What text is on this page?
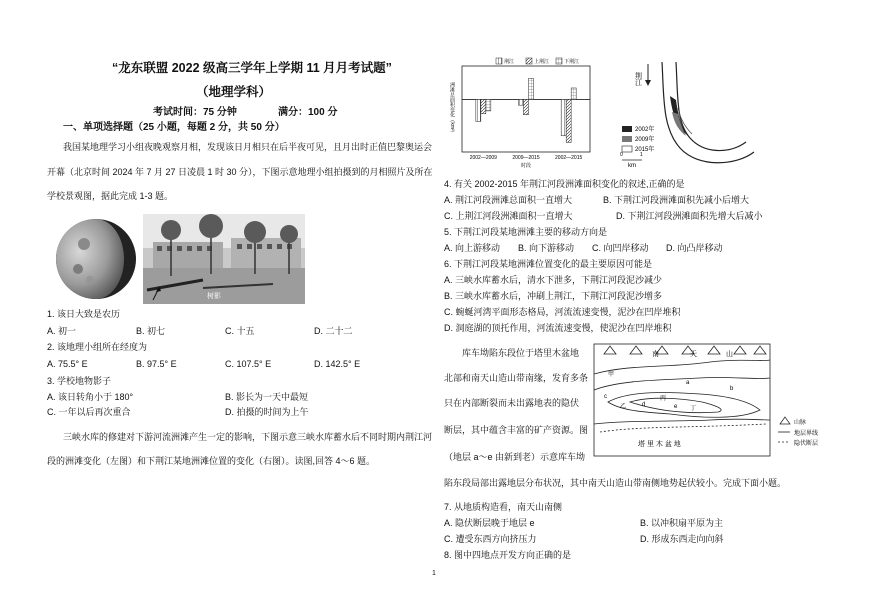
“龙东联盟 2022 级高三学年上学期 11 月月考试题”
（地理学科）
考试时间：75 分钟	满分：100 分
一、单项选择题（25 小题，每题 2 分，共 50 分）
我国某地理学习小组夜晚观察月相，发现该日月相只在后半夜可见，且月出时正值巴黎奥运会
开幕（北京时间 2024 年 7 月 27 日凌晨 1 时 30 分），下图示意地理小组拍摄到的月相照片及所在
学校景观图，据此完成 1-3 题。
树影
1. 该日大致是农历
A. 初一	B. 初七	C. 十五	D. 二十二
2. 该地理小组所在经度为
A. 75.5° E	B. 97.5° E	C. 107.5° E	D. 142.5° E
3. 学校地物影子
A. 该日转角小于 180°	B. 影长为一天中最短
C. 一年以后再次重合	D. 拍摄的时间为上午
三峡水库的修建对下游河流洲滩产生一定的影响，下图示意三峡水库蓄水后不同时期内荆江河
段的洲滩变化（左图）和下荆江某地洲滩位置的变化（右图）。读图,回答 4～6 题。
2002—2009	2009—2015	2002—2015
时段
洲滩总面积变化（km²）
荆江	上荆江	下荆江
荆江
2002年
2009年
2015年
0	1
km
4. 有关 2002-2015 年荆江河段洲滩面积变化的叙述,正确的是
A. 荆江河段洲滩总面积一直增大	B. 下荆江河段洲滩面积先减小后增大
C. 上荆江河段洲滩面积一直增大	D. 下荆江河段洲滩面积先增大后减小
5. 下荆江河段某地洲滩主要的移动方向是
A. 向上游移动 B. 向下游移动 C. 向凹岸移动 D. 向凸岸移动
6. 下荆江河段某地洲滩位置变化的最主要原因可能是
A. 三峡水库蓄水后，清水下泄多，下荆江河段泥沙减少
B. 三峡水库蓄水后，冲刷上荆江，下荆江河段泥沙增多
C. 蜿蜒河湾平面形态格局，河流流速变慢，泥沙在凹岸堆积
D. 洞庭湖的顶托作用，河流流速变慢，使泥沙在凹岸堆积
库车坳陷东段位于塔里木盆地
北部和南天山造山带南缘，发育多条
只在内部断裂而未出露地表的隐伏
断层，其中蕴含丰富的矿产资源。图
（地层 a～e 由新到老）示意库车坳
陷东段局部出露地层分布状况，其中南天山造山带南侧地势起伏较小。完成下面小题。
南	天	山
甲
丙
丁
乙
a
b
c
d	e
塔 里 木 盆 地
山脉
地层界线
隐伏断层
7. 从地质构造看，南天山南侧
A. 隐伏断层晚于地层 e	B. 以冲积扇平原为主
C. 遭受东西方向挤压力	D. 形成东西走向向斜
8. 图中四地点开发方向正确的是
1
